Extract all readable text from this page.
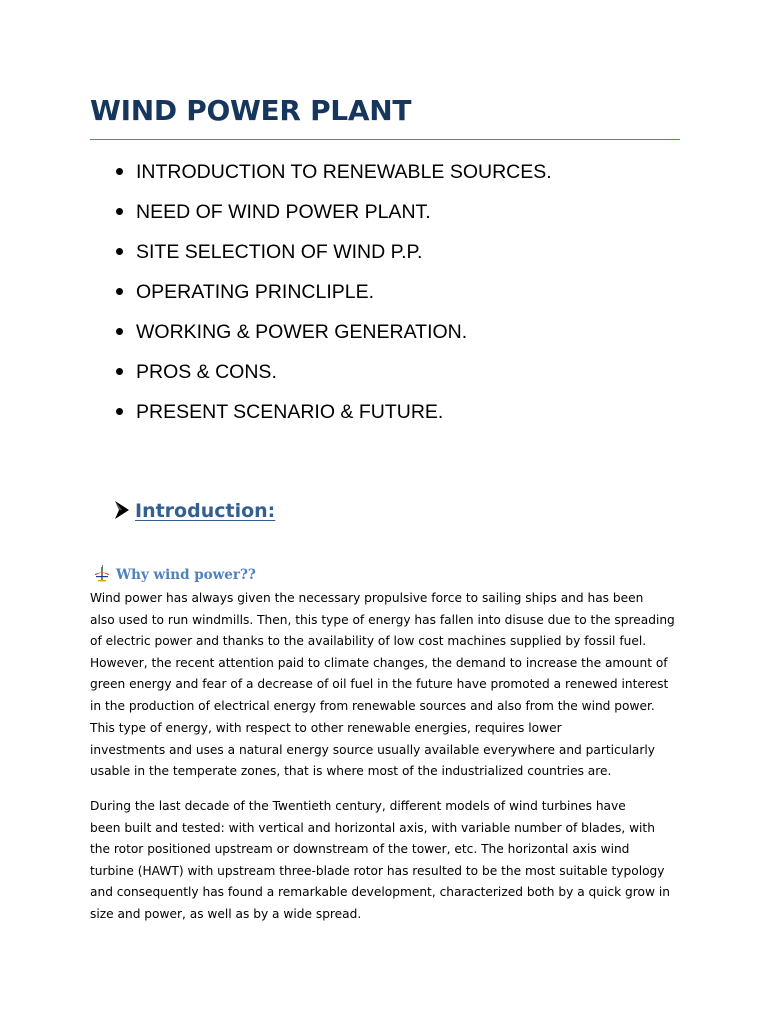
WIND POWER PLANT
INTRODUCTION TO RENEWABLE SOURCES.
NEED OF WIND POWER PLANT.
SITE SELECTION OF WIND P.P.
OPERATING PRINCLIPLE.
WORKING & POWER GENERATION.
PROS & CONS.
PRESENT SCENARIO & FUTURE.
Introduction:
Why wind power??

Wind power has always given the necessary propulsive force to sailing ships and has been
also used to run windmills. Then, this type of energy has fallen into disuse due to the spreading
of electric power and thanks to the availability of low cost machines supplied by fossil fuel.
However, the recent attention paid to climate changes, the demand to increase the amount of
green energy and fear of a decrease of oil fuel in the future have promoted a renewed interest
in the production of electrical energy from renewable sources and also from the wind power.

This type of energy, with respect to other renewable energies, requires lower
investments and uses a natural energy source usually available everywhere and particularly
usable in the temperate zones, that is where most of the industrialized countries are.

During the last decade of the Twentieth century, different models of wind turbines have
been built and tested: with vertical and horizontal axis, with variable number of blades, with
the rotor positioned upstream or downstream of the tower, etc. The horizontal axis wind
turbine (HAWT) with upstream three-blade rotor has resulted to be the most suitable typology
and consequently has found a remarkable development, characterized both by a quick grow in
size and power, as well as by a wide spread.
